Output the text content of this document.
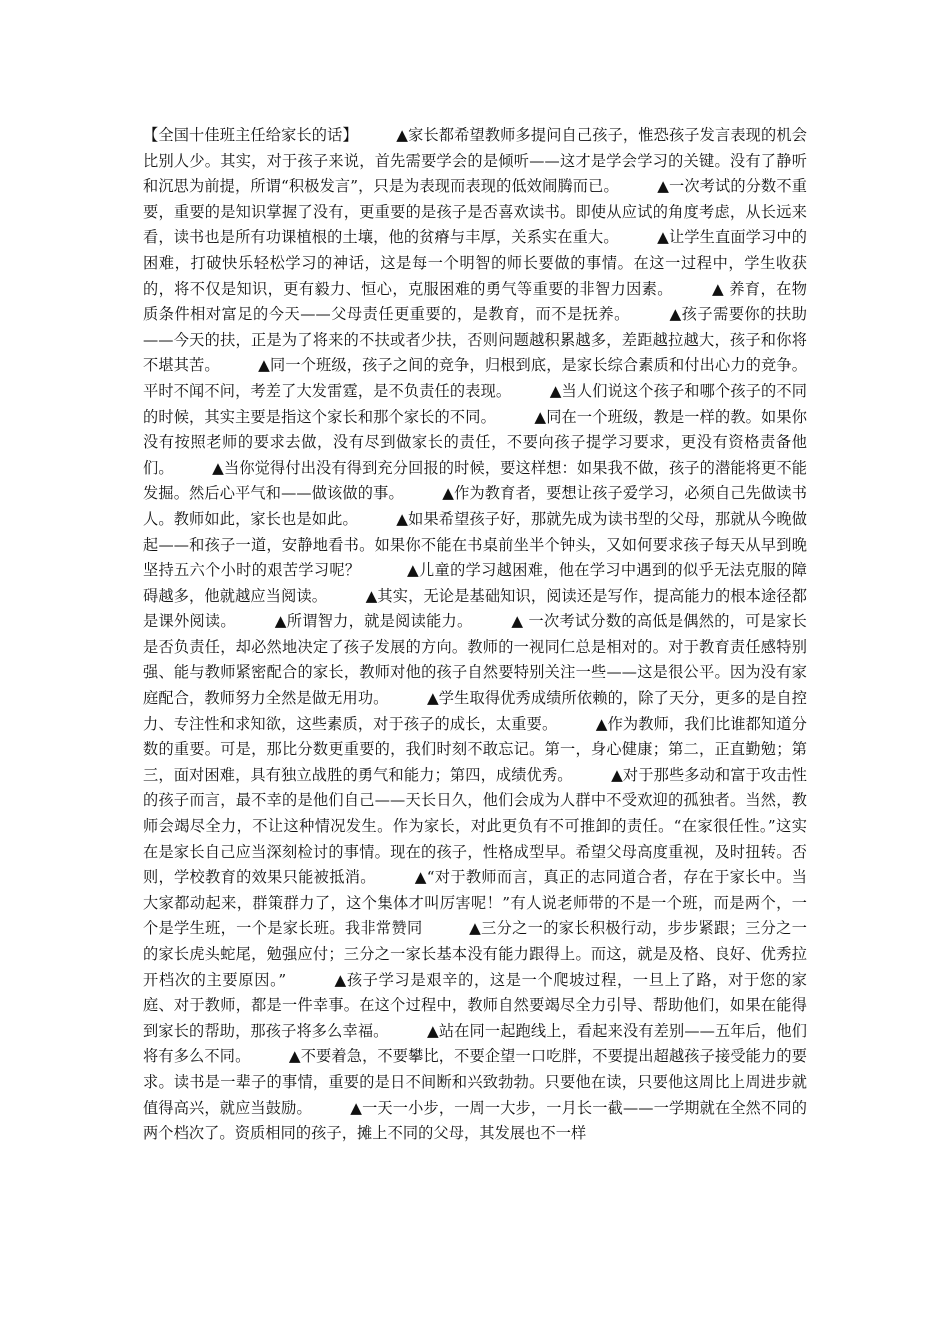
【全国十佳班主任给家长的话】　　　	▲家长都希望教师多提问自己孩子，惟恐孩子发言表现的机会比别人少。其实，对于孩子来说，首先需要学会的是倾听——这才是学会学习的关键。没有了静听和沉思为前提，所谓“积极发言”，只是为表现而表现的低效闹腾而已。　　　	▲一次考试的分数不重要，重要的是知识掌握了没有，更重要的是孩子是否喜欢读书。即使从应试的角度考虑，从长远来看，读书也是所有功课植根的土壤，他的贫瘠与丰厚，关系实在重大。　　　	▲让学生直面学习中的困难，打破快乐轻松学习的神话，这是每一个明智的师长要做的事情。在这一过程中，学生收获的，将不仅是知识，更有毅力、恒心，克服困难的勇气等重要的非智力因素。　　　	▲ 养育，在物质条件相对富足的今天——父母责任更重要的，是教育，而不是抚养。　　　	▲孩子需要你的扶助——今天的扶，正是为了将来的不扶或者少扶，否则问题越积累越多，差距越拉越大，孩子和你将不堪其苦。　　　	▲同一个班级，孩子之间的竞争，归根到底，是家长综合素质和付出心力的竞争。平时不闻不问，考差了大发雷霆，是不负责任的表现。　　　	▲当人们说这个孩子和哪个孩子的不同的时候，其实主要是指这个家长和那个家长的不同。　　　	▲同在一个班级，教是一样的教。如果你没有按照老师的要求去做，没有尽到做家长的责任，不要向孩子提学习要求，更没有资格责备他们。　　　	▲当你觉得付出没有得到充分回报的时候，要这样想：如果我不做，孩子的潜能将更不能发掘。然后心平气和——做该做的事。　　　	▲作为教育者，要想让孩子爱学习，必须自己先做读书人。教师如此，家长也是如此。　　　	▲如果希望孩子好，那就先成为读书型的父母，那就从今晚做起——和孩子一道，安静地看书。如果你不能在书桌前坐半个钟头，又如何要求孩子每天从早到晚坚持五六个小时的艰苦学习呢？　　　	▲儿童的学习越困难，他在学习中遇到的似乎无法克服的障碍越多，他就越应当阅读。　　　	▲其实，无论是基础知识，阅读还是写作，提高能力的根本途径都是课外阅读。　　　	▲所谓智力，就是阅读能力。　　　	▲ 一次考试分数的高低是偶然的，可是家长是否负责任，却必然地决定了孩子发展的方向。教师的一视同仁总是相对的。对于教育责任感特别强、能与教师紧密配合的家长，教师对他的孩子自然要特别关注一些——这是很公平。因为没有家庭配合，教师努力全然是做无用功。　　　	▲学生取得优秀成绩所依赖的，除了天分，更多的是自控力、专注性和求知欲，这些素质，对于孩子的成长，太重要。　　　	▲作为教师，我们比谁都知道分数的重要。可是，那比分数更重要的，我们时刻不敢忘记。第一，身心健康；第二，正直勤勉；第三，面对困难，具有独立战胜的勇气和能力；第四，成绩优秀。　　　	▲对于那些多动和富于攻击性的孩子而言，最不幸的是他们自己——天长日久，他们会成为人群中不受欢迎的孤独者。当然，教师会竭尽全力，不让这种情况发生。作为家长，对此更负有不可推卸的责任。“在家很任性。”这实在是家长自己应当深刻检讨的事情。现在的孩子，性格成型早。希望父母高度重视，及时扭转。否则，学校教育的效果只能被抵消。　　　	▲“对于教师而言，真正的志同道合者，存在于家长中。当大家都动起来，群策群力了，这个集体才叫厉害呢！”有人说老师带的不是一个班，而是两个，一个是学生班，一个是家长班。我非常赞同　　　	▲三分之一的家长积极行动，步步紧跟；三分之一的家长虎头蛇尾，勉强应付；三分之一家长基本没有能力跟得上。而这，就是及格、良好、优秀拉开档次的主要原因。”　　　	▲孩子学习是艰辛的，这是一个爬坡过程，一旦上了路，对于您的家庭、对于教师，都是一件幸事。在这个过程中，教师自然要竭尽全力引导、帮助他们，如果在能得到家长的帮助，那孩子将多么幸福。　　　	▲站在同一起跑线上，看起来没有差别——五年后，他们将有多么不同。　　　	▲不要着急，不要攀比，不要企望一口吃胖，不要提出超越孩子接受能力的要求。读书是一辈子的事情，重要的是日不间断和兴致勃勃。只要他在读，只要他这周比上周进步就值得高兴，就应当鼓励。　　　	▲一天一小步，一周一大步，一月长一截——一学期就在全然不同的两个档次了。资质相同的孩子，摊上不同的父母，其发展也不一样
